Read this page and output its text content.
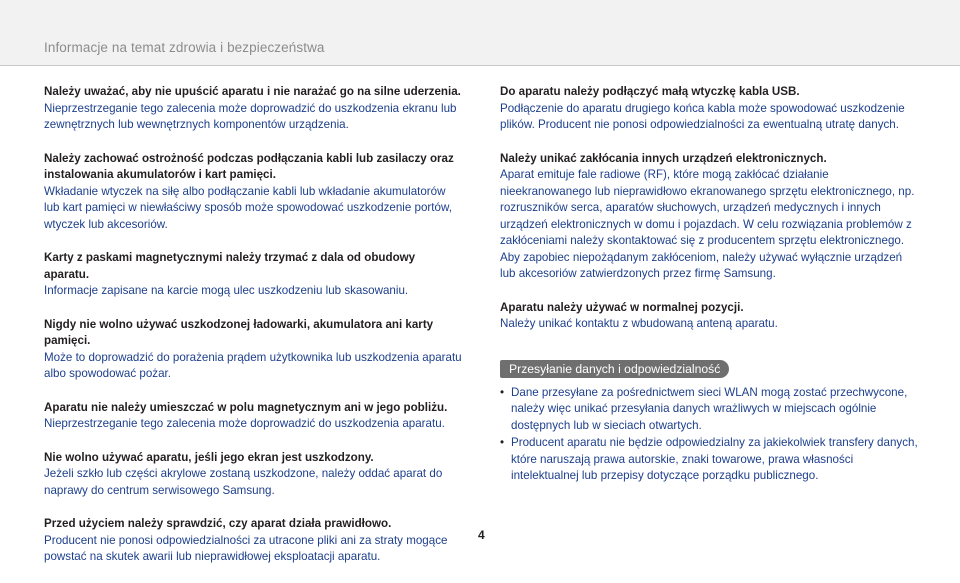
Informacje na temat zdrowia i bezpieczeństwa
Należy uważać, aby nie upuścić aparatu i nie narażać go na silne uderzenia.
Nieprzestrzeganie tego zalecenia może doprowadzić do uszkodzenia ekranu lub zewnętrznych lub wewnętrznych komponentów urządzenia.
Należy zachować ostrożność podczas podłączania kabli lub zasilaczy oraz instalowania akumulatorów i kart pamięci.
Wkładanie wtyczek na siłę albo podłączanie kabli lub wkładanie akumulatorów lub kart pamięci w niewłaściwy sposób może spowodować uszkodzenie portów, wtyczek lub akcesoriów.
Karty z paskami magnetycznymi należy trzymać z dala od obudowy aparatu.
Informacje zapisane na karcie mogą ulec uszkodzeniu lub skasowaniu.
Nigdy nie wolno używać uszkodzonej ładowarki, akumulatora ani karty pamięci.
Może to doprowadzić do porażenia prądem użytkownika lub uszkodzenia aparatu albo spowodować pożar.
Aparatu nie należy umieszczać w polu magnetycznym ani w jego pobliżu.
Nieprzestrzeganie tego zalecenia może doprowadzić do uszkodzenia aparatu.
Nie wolno używać aparatu, jeśli jego ekran jest uszkodzony.
Jeżeli szkło lub części akrylowe zostaną uszkodzone, należy oddać aparat do naprawy do centrum serwisowego Samsung.
Przed użyciem należy sprawdzić, czy aparat działa prawidłowo.
Producent nie ponosi odpowiedzialności za utracone pliki ani za straty mogące powstać na skutek awarii lub nieprawidłowej eksploatacji aparatu.
Do aparatu należy podłączyć małą wtyczkę kabla USB.
Podłączenie do aparatu drugiego końca kabla może spowodować uszkodzenie plików. Producent nie ponosi odpowiedzialności za ewentualną utratę danych.
Należy unikać zakłócania innych urządzeń elektronicznych.
Aparat emituje fale radiowe (RF), które mogą zakłócać działanie nieekranowanego lub nieprawidłowo ekranowanego sprzętu elektronicznego, np. rozruszników serca, aparatów słuchowych, urządzeń medycznych i innych urządzeń elektronicznych w domu i pojazdach. W celu rozwiązania problemów z zakłóceniami należy skontaktować się z producentem sprzętu elektronicznego. Aby zapobiec niepożądanym zakłóceniom, należy używać wyłącznie urządzeń lub akcesoriów zatwierdzonych przez firmę Samsung.
Aparatu należy używać w normalnej pozycji.
Należy unikać kontaktu z wbudowaną anteną aparatu.
Przesyłanie danych i odpowiedzialność
• Dane przesyłane za pośrednictwem sieci WLAN mogą zostać przechwycone, należy więc unikać przesyłania danych wrażliwych w miejscach ogólnie dostępnych lub w sieciach otwartych.
• Producent aparatu nie będzie odpowiedzialny za jakiekolwiek transfery danych, które naruszają prawa autorskie, znaki towarowe, prawa własności intelektualnej lub przepisy dotyczące porządku publicznego.
4
